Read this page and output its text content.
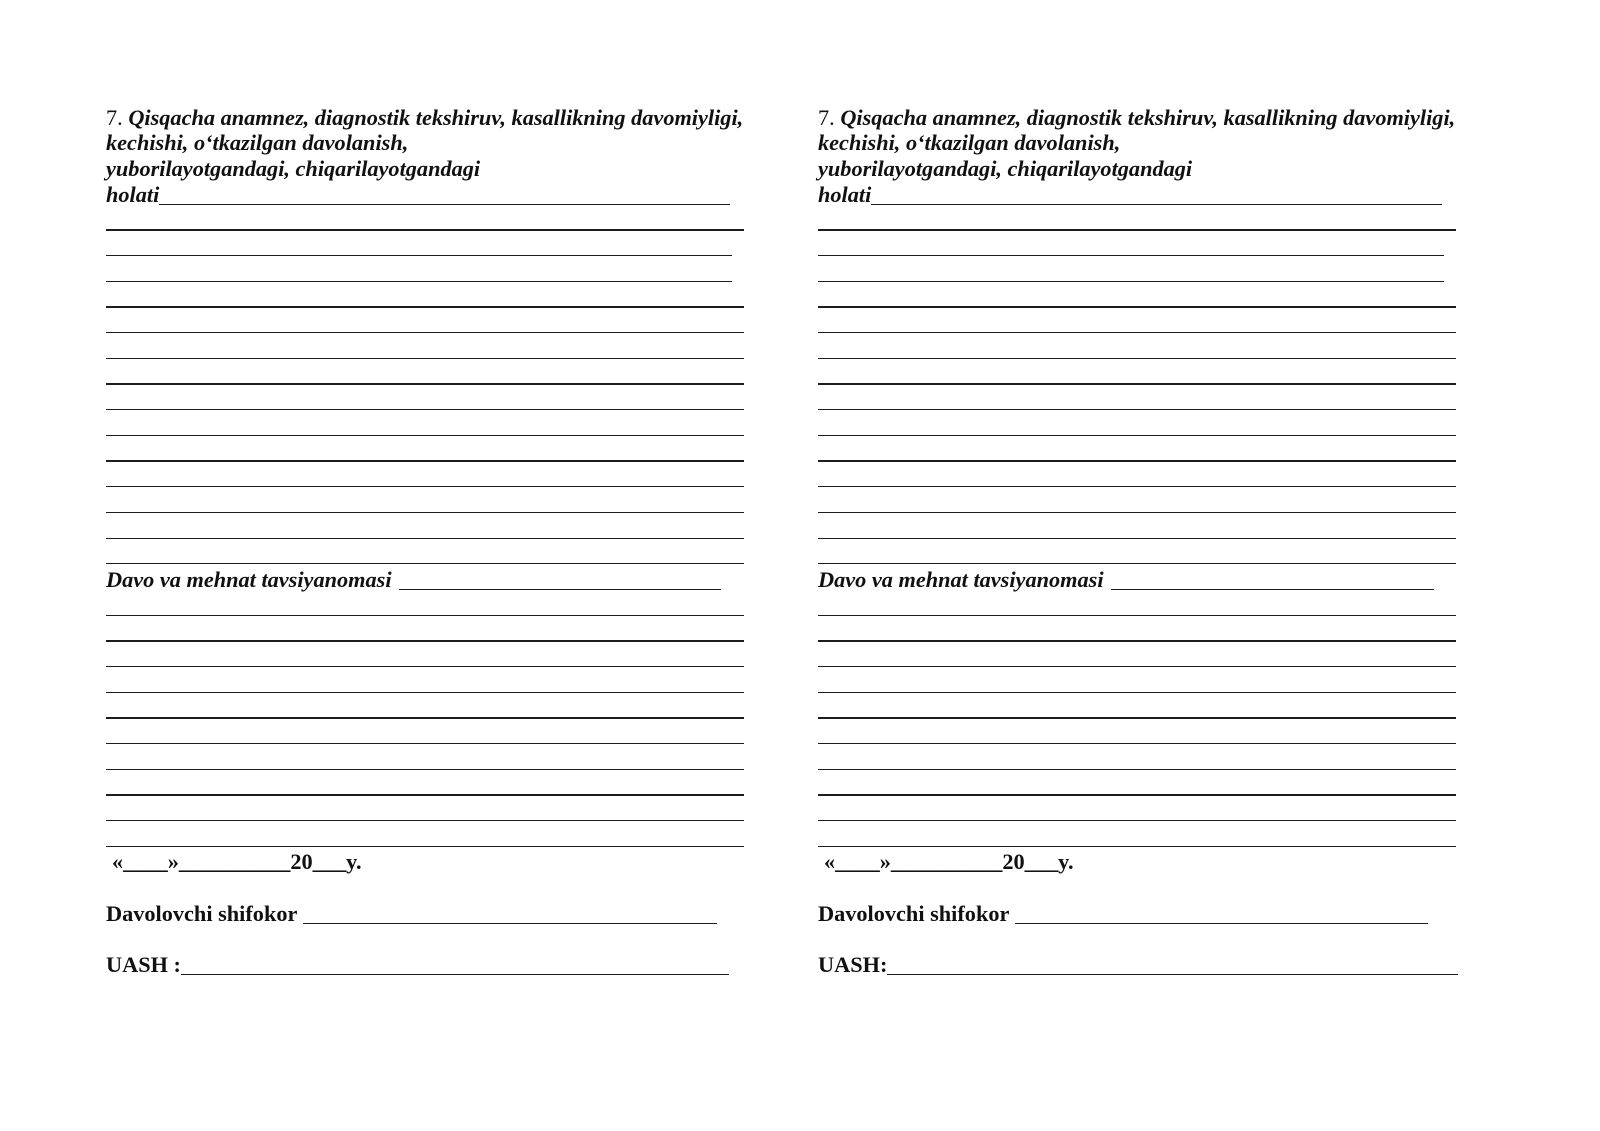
7. Qisqacha anamnez, diagnostik tekshiruv, kasallikning davomiyligi,
kechishi, o‘tkazilgan davolanish,
yuborilayotgandagi, chiqarilayotgandagi
holati
Davo va mehnat tavsiyanomasi
«____»__________20___y.
Davolovchi shifokor
UASH :
7. Qisqacha anamnez, diagnostik tekshiruv, kasallikning davomiyligi,
kechishi, o‘tkazilgan davolanish,
yuborilayotgandagi, chiqarilayotgandagi
holati
Davo va mehnat tavsiyanomasi
«____»__________20___y.
Davolovchi shifokor
UASH:
